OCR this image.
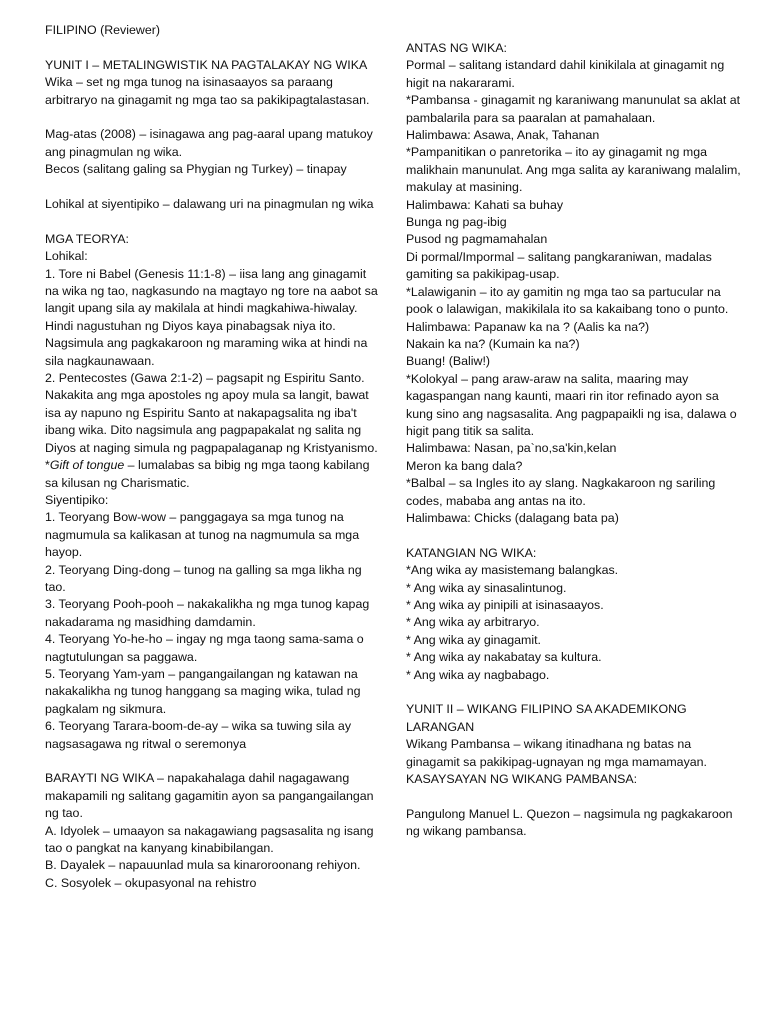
FILIPINO (Reviewer)
YUNIT I – METALINGWISTIK NA PAGTALAKAY NG WIKA
Wika – set ng mga tunog na isinasaayos sa paraang arbitraryo na ginagamit ng mga tao sa pakikipagtalastasan.
Mag-atas (2008) – isinagawa ang pag-aaral upang matukoy ang pinagmulan ng wika.
Becos (salitang galing sa Phygian ng Turkey) – tinapay
Lohikal at siyentipiko – dalawang uri na pinagmulan ng wika
MGA TEORYA:
Lohikal:
1. Tore ni Babel (Genesis 11:1-8) – iisa lang ang ginagamit na wika ng tao, nagkasundo na magtayo ng tore na aabot sa langit upang sila ay makilala at hindi magkahiwa-hiwalay. Hindi nagustuhan ng Diyos kaya pinabagsak niya ito. Nagsimula ang pagkakaroon ng maraming wika at hindi na sila nagkaunawaan.
2. Pentecostes (Gawa 2:1-2) – pagsapit ng Espiritu Santo. Nakakita ang mga apostoles ng apoy mula sa langit, bawat isa ay napuno ng Espiritu Santo at nakapagsalita ng iba't ibang wika. Dito nagsimula ang pagpapakalat ng salita ng Diyos at naging simula ng pagpapalaganap ng Kristyanismo.
*Gift of tongue – lumalabas sa bibig ng mga taong kabilang sa kilusan ng Charismatic.
Siyentipiko:
1. Teoryang Bow-wow – panggagaya sa mga tunog na nagmumula sa kalikasan at tunog na nagmumula sa mga hayop.
2. Teoryang Ding-dong – tunog na galling sa mga likha ng tao.
3. Teoryang Pooh-pooh – nakakalikha ng mga tunog kapag nakadarama ng masidhing damdamin.
4. Teoryang Yo-he-ho – ingay ng mga taong sama-sama o nagtutulungan sa paggawa.
5. Teoryang Yam-yam – pangangailangan ng katawan na nakakalikha ng tunog hanggang sa maging wika, tulad ng pagkalam ng sikmura.
6. Teoryang Tarara-boom-de-ay – wika sa tuwing sila ay nagsasagawa ng ritwal o seremonya
BARAYTI NG WIKA – napakahalaga dahil nagagawang makapamili ng salitang gagamitin ayon sa pangangailangan ng tao.
A. Idyolek – umaayon sa nakagawiang pagsasalita ng isang tao o pangkat na kanyang kinabibilangan.
B. Dayalek – napauunlad mula sa kinaroroonang rehiyon.
C. Sosyolek – okupasyonal na rehistro
ANTAS NG WIKA:
Pormal – salitang istandard dahil kinikilala at ginagamit ng higit na nakararami.
*Pambansa - ginagamit ng karaniwang manunulat sa aklat at pambalarila para sa paaralan at pamahalaan.
Halimbawa: Asawa, Anak, Tahanan
*Pampanitikan o panretorika – ito ay ginagamit ng mga malikhain manunulat. Ang mga salita ay karaniwang malalim, makulay at masining.
Halimbawa: Kahati sa buhay
Bunga ng pag-ibig
Pusod ng pagmamahalan
Di pormal/Impormal – salitang pangkaraniwan, madalas gamiting sa pakikipag-usap.
*Lalawiganin – ito ay gamitin ng mga tao sa partucular na pook o lalawigan, makikilala ito sa kakaibang tono o punto.
Halimbawa: Papanaw ka na ? (Aalis ka na?)
Nakain ka na? (Kumain ka na?)
Buang! (Baliw!)
*Kolokyal – pang araw-araw na salita, maaring may kagaspangan nang kaunti, maari rin itor refinado ayon sa kung sino ang nagsasalita. Ang pagpapaikli ng isa, dalawa o higit pang titik sa salita.
Halimbawa: Nasan, pa`no,sa'kin,kelan
Meron ka bang dala?
*Balbal – sa Ingles ito ay slang. Nagkakaroon ng sariling codes, mababa ang antas na ito.
Halimbawa: Chicks (dalagang bata pa)
KATANGIAN NG WIKA:
*Ang wika ay masistemang balangkas.
* Ang wika ay sinasalintunog.
* Ang wika ay pinipili at isinasaayos.
* Ang wika ay arbitraryo.
* Ang wika ay ginagamit.
* Ang wika ay nakabatay sa kultura.
* Ang wika ay nagbabago.
YUNIT II – WIKANG FILIPINO SA AKADEMIKONG LARANGAN
Wikang Pambansa – wikang itinadhana ng batas na ginagamit sa pakikipag-ugnayan ng mga mamamayan.
KASAYSAYAN NG WIKANG PAMBANSA:
Pangulong Manuel L. Quezon – nagsimula ng pagkakaroon ng wikang pambansa.
